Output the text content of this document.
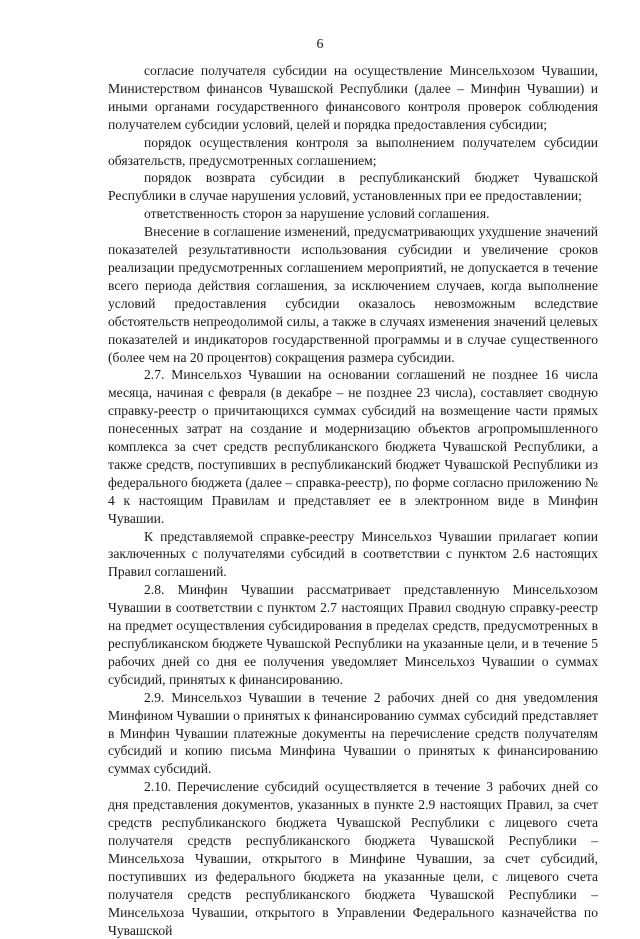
6

согласие получателя субсидии на осуществление Минсельхозом Чувашии, Министерством финансов Чувашской Республики (далее – Минфин Чувашии) и иными органами государственного финансового контроля проверок соблюдения получателем субсидии условий, целей и порядка предоставления субсидии;

порядок осуществления контроля за выполнением получателем субсидии обязательств, предусмотренных соглашением;

порядок возврата субсидии в республиканский бюджет Чувашской Республики в случае нарушения условий, установленных при ее предоставлении;

ответственность сторон за нарушение условий соглашения.

Внесение в соглашение изменений, предусматривающих ухудшение значений показателей результативности использования субсидии и увеличение сроков реализации предусмотренных соглашением мероприятий, не допускается в течение всего периода действия соглашения, за исключением случаев, когда выполнение условий предоставления субсидии оказалось невозможным вследствие обстоятельств непреодолимой силы, а также в случаях изменения значений целевых показателей и индикаторов государственной программы и в случае существенного (более чем на 20 процентов) сокращения размера субсидии.

2.7. Минсельхоз Чувашии на основании соглашений не позднее 16 числа месяца, начиная с февраля (в декабре – не позднее 23 числа), составляет сводную справку-реестр о причитающихся суммах субсидий на возмещение части прямых понесенных затрат на создание и модернизацию объектов агропромышленного комплекса за счет средств республиканского бюджета Чувашской Республики, а также средств, поступивших в республиканский бюджет Чувашской Республики из федерального бюджета (далее – справка-реестр), по форме согласно приложению № 4 к настоящим Правилам и представляет ее в электронном виде в Минфин Чувашии.

К представляемой справке-реестру Минсельхоз Чувашии прилагает копии заключенных с получателями субсидий в соответствии с пунктом 2.6 настоящих Правил соглашений.

2.8. Минфин Чувашии рассматривает представленную Минсельхозом Чувашии в соответствии с пунктом 2.7 настоящих Правил сводную справку-реестр на предмет осуществления субсидирования в пределах средств, предусмотренных в республиканском бюджете Чувашской Республики на указанные цели, и в течение 5 рабочих дней со дня ее получения уведомляет Минсельхоз Чувашии о суммах субсидий, принятых к финансированию.

2.9. Минсельхоз Чувашии в течение 2 рабочих дней со дня уведомления Минфином Чувашии о принятых к финансированию суммах субсидий представляет в Минфин Чувашии платежные документы на перечисление средств получателям субсидий и копию письма Минфина Чувашии о принятых к финансированию суммах субсидий.

2.10. Перечисление субсидий осуществляется в течение 3 рабочих дней со дня представления документов, указанных в пункте 2.9 настоящих Правил, за счет средств республиканского бюджета Чувашской Республики с лицевого счета получателя средств республиканского бюджета Чувашской Республики – Минсельхоза Чувашии, открытого в Минфине Чувашии, за счет субсидий, поступивших из федерального бюджета на указанные цели, с лицевого счета получателя средств республиканского бюджета Чувашской Республики – Минсельхоза Чувашии, открытого в Управлении Федерального казначейства по Чувашской
